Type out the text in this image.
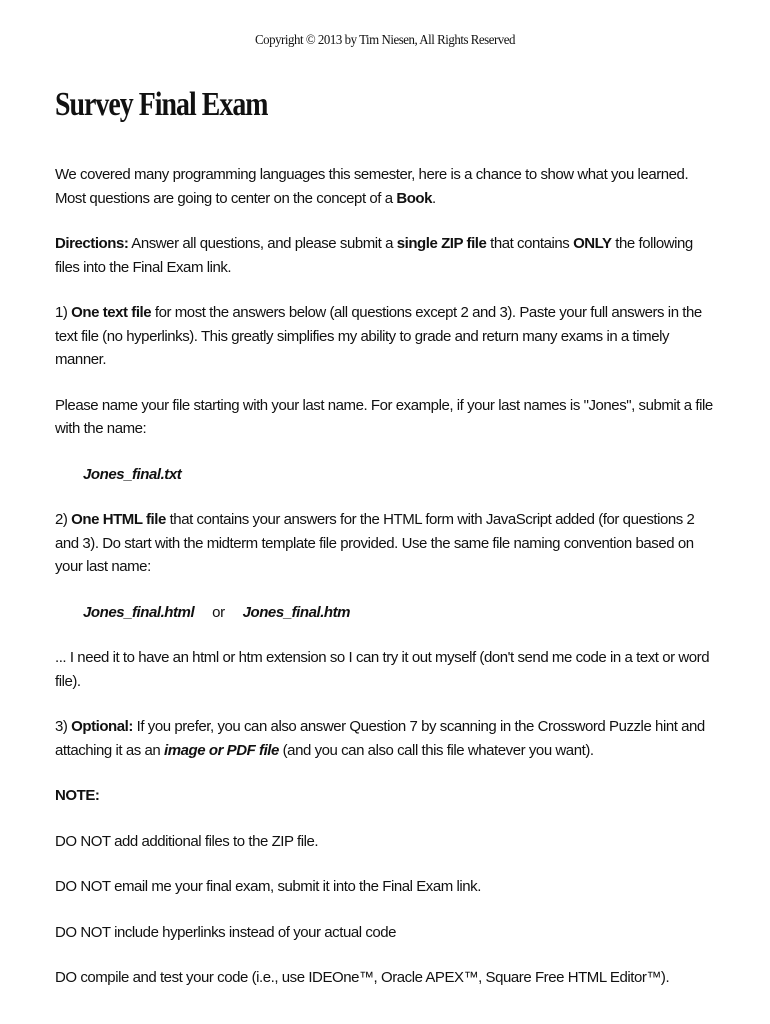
Copyright © 2013 by Tim Niesen, All Rights Reserved
Survey Final Exam

We covered many programming languages this semester, here is a chance to show what you learned. Most questions are going to center on the concept of a Book.

Directions: Answer all questions, and please submit a single ZIP file that contains ONLY the following files into the Final Exam link.

1) One text file for most the answers below (all questions except 2 and 3). Paste your full answers in the text file (no hyperlinks). This greatly simplifies my ability to grade and return many exams in a timely manner.

Please name your file starting with your last name. For example, if your last names is "Jones", submit a file with the name:

Jones_final.txt

2) One HTML file that contains your answers for the HTML form with JavaScript added (for questions 2 and 3). Do start with the midterm template file provided. Use the same file naming convention based on your last name:

Jones_final.html or Jones_final.htm

... I need it to have an html or htm extension so I can try it out myself (don't send me code in a text or word file).

3) Optional: If you prefer, you can also answer Question 7 by scanning in the Crossword Puzzle hint and attaching it as an image or PDF file (and you can also call this file whatever you want).

NOTE:

DO NOT add additional files to the ZIP file.

DO NOT email me your final exam, submit it into the Final Exam link.

DO NOT include hyperlinks instead of your actual code

DO compile and test your code (i.e., use IDEOne™, Oracle APEX™, Square Free HTML Editor™).
